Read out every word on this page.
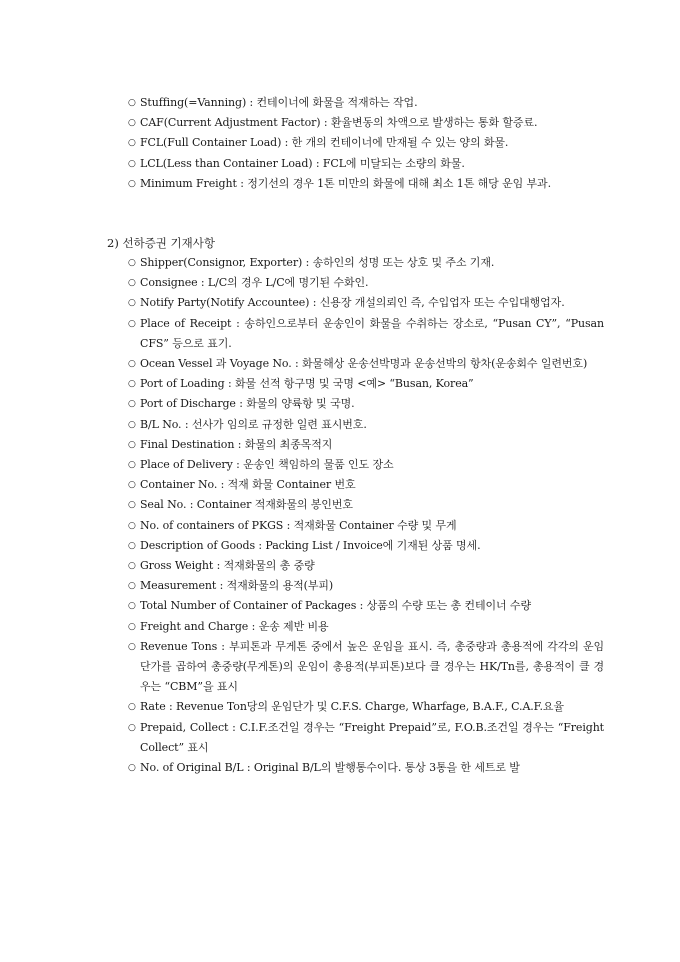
○ Stuffing(=Vanning) : 컨테이너에 화물을 적재하는 작업.
○ CAF(Current Adjustment Factor) : 환율변동의 차액으로 발생하는 통화 할증료.
○ FCL(Full Container Load) : 한 개의 컨테이너에 만재될 수 있는 양의 화물.
○ LCL(Less than Container Load) : FCL에 미달되는 소량의 화물.
○ Minimum Freight : 정기선의 경우 1톤 미만의 화물에 대해 최소 1톤 해당 운임 부과.
2) 선하증권 기재사항
○ Shipper(Consignor, Exporter) : 송하인의 성명 또는 상호 및 주소 기재.
○ Consignee : L/C의 경우 L/C에 명기된 수화인.
○ Notify Party(Notify Accountee) : 신용장 개설의뢰인 즉, 수입업자 또는 수입대행업자.
○ Place of Receipt : 송하인으로부터 운송인이 화물을 수취하는 장소로, “Pusan CY”, “Pusan CFS” 등으로 표기.
○ Ocean Vessel 과 Voyage No. : 화물해상 운송선박명과 운송선박의 항차(운송회수 일련번호)
○ Port of Loading : 화물 선적 항구명 및 국명 <예> “Busan, Korea”
○ Port of Discharge : 화물의 양륙항 및 국명.
○ B/L No. : 선사가 임의로 규정한 일련 표시번호.
○ Final Destination : 화물의 최종목적지
○ Place of Delivery : 운송인 책임하의 물품 인도 장소
○ Container No. : 적재 화물 Container 번호
○ Seal No. : Container 적재화물의 봉인번호
○ No. of containers of PKGS : 적재화물 Container 수량 및 무게
○ Description of Goods : Packing List / Invoice에 기재된 상품 명세.
○ Gross Weight : 적재화물의 총 중량
○ Measurement : 적재화물의 용적(부피)
○ Total Number of Container of Packages : 상품의 수량 또는 총 컨테이너 수량
○ Freight and Charge : 운송 제반 비용
○ Revenue Tons : 부피톤과 무게톤 중에서 높은 운임을 표시. 즉, 총중량과 총용적에 각각의 운임단가를 곱하여 총중량(무게톤)의 운임이 총용적(부피톤)보다 클 경우는 HK/Tn를, 총용적이 클 경우는 “CBM”을 표시
○ Rate : Revenue Ton당의 운임단가 및 C.F.S. Charge, Wharfage, B.A.F., C.A.F.요율
○ Prepaid, Collect : C.I.F.조건일 경우는 “Freight Prepaid”로, F.O.B.조건일 경우는 “Freight Collect” 표시
○ No. of Original B/L : Original B/L의 발행통수이다. 통상 3통을 한 세트로 발
